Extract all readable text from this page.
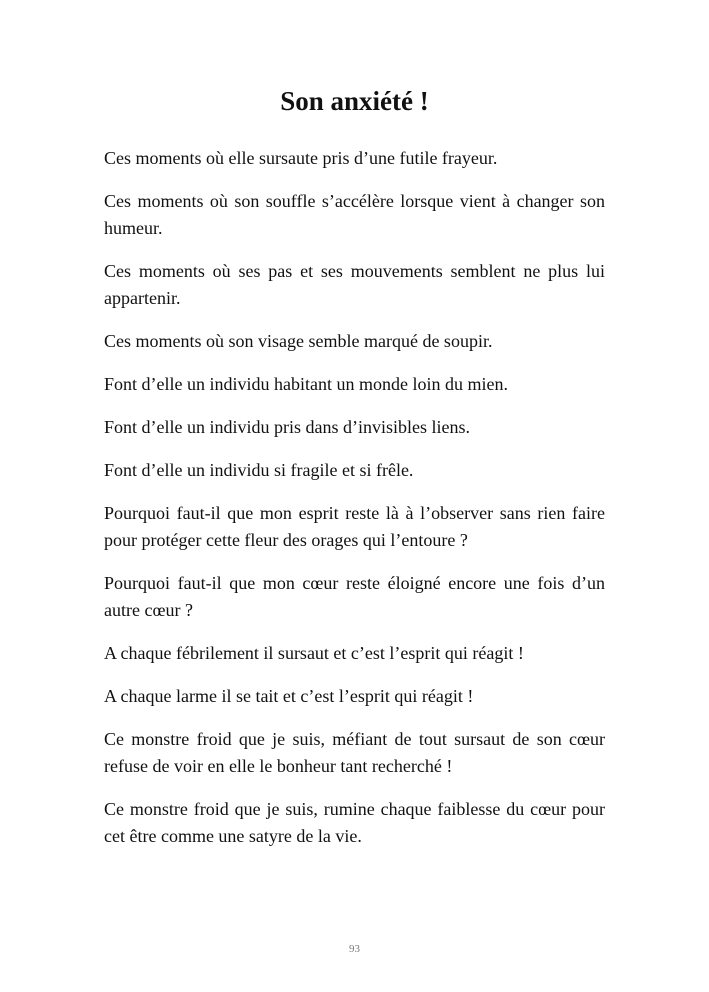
Son anxiété !

Ces moments où elle sursaute pris d’une futile frayeur.

Ces moments où son souffle s’accélère lorsque vient à changer son humeur.

Ces moments où ses pas et ses mouvements semblent ne plus lui appartenir.

Ces moments où son visage semble marqué de soupir.

Font d’elle un individu habitant un monde loin du mien.

Font d’elle un individu pris dans d’invisibles liens.

Font d’elle un individu si fragile et si frêle.

Pourquoi faut-il que mon esprit reste là à l’observer sans rien faire pour protéger cette fleur des orages qui l’entoure ?

Pourquoi faut-il que mon cœur reste éloigné encore une fois d’un autre cœur ?

A chaque fébrilement il sursaut et c’est l’esprit qui réagit !

A chaque larme il se tait et c’est l’esprit qui réagit !

Ce monstre froid que je suis, méfiant de tout sursaut de son cœur refuse de voir en elle le bonheur tant recherché !

Ce monstre froid que je suis, rumine chaque faiblesse du cœur pour cet être comme une satyre de la vie.

93
